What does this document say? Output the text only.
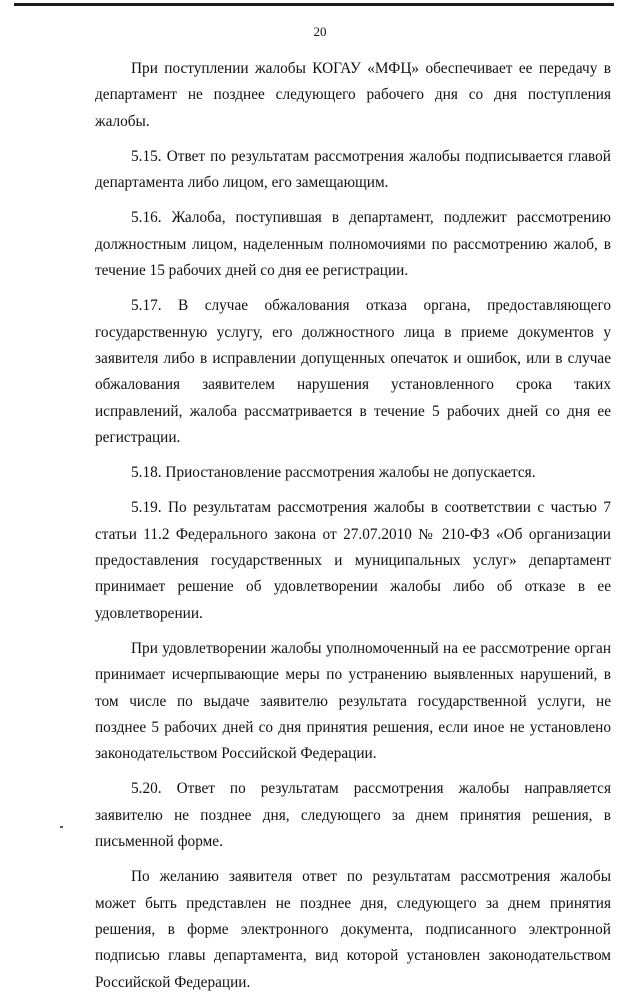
20

При поступлении жалобы КОГАУ «МФЦ» обеспечивает ее передачу в департамент не позднее следующего рабочего дня со дня поступления жалобы.

5.15. Ответ по результатам рассмотрения жалобы подписывается главой департамента либо лицом, его замещающим.

5.16. Жалоба, поступившая в департамент, подлежит рассмотрению должностным лицом, наделенным полномочиями по рассмотрению жалоб, в течение 15 рабочих дней со дня ее регистрации.

5.17. В случае обжалования отказа органа, предоставляющего государственную услугу, его должностного лица в приеме документов у заявителя либо в исправлении допущенных опечаток и ошибок, или в случае обжалования заявителем нарушения установленного срока таких исправлений, жалоба рассматривается в течение 5 рабочих дней со дня ее регистрации.

5.18. Приостановление рассмотрения жалобы не допускается.

5.19. По результатам рассмотрения жалобы в соответствии с частью 7 статьи 11.2 Федерального закона от 27.07.2010 № 210-ФЗ «Об организации предоставления государственных и муниципальных услуг» департамент принимает решение об удовлетворении жалобы либо об отказе в ее удовлетворении.

При удовлетворении жалобы уполномоченный на ее рассмотрение орган принимает исчерпывающие меры по устранению выявленных нарушений, в том числе по выдаче заявителю результата государственной услуги, не позднее 5 рабочих дней со дня принятия решения, если иное не установлено законодательством Российской Федерации.

5.20. Ответ по результатам рассмотрения жалобы направляется заявителю не позднее дня, следующего за днем принятия решения, в письменной форме.

По желанию заявителя ответ по результатам рассмотрения жалобы может быть представлен не позднее дня, следующего за днем принятия решения, в форме электронного документа, подписанного электронной подписью главы департамента, вид которой установлен законодательством Российской Федерации.
